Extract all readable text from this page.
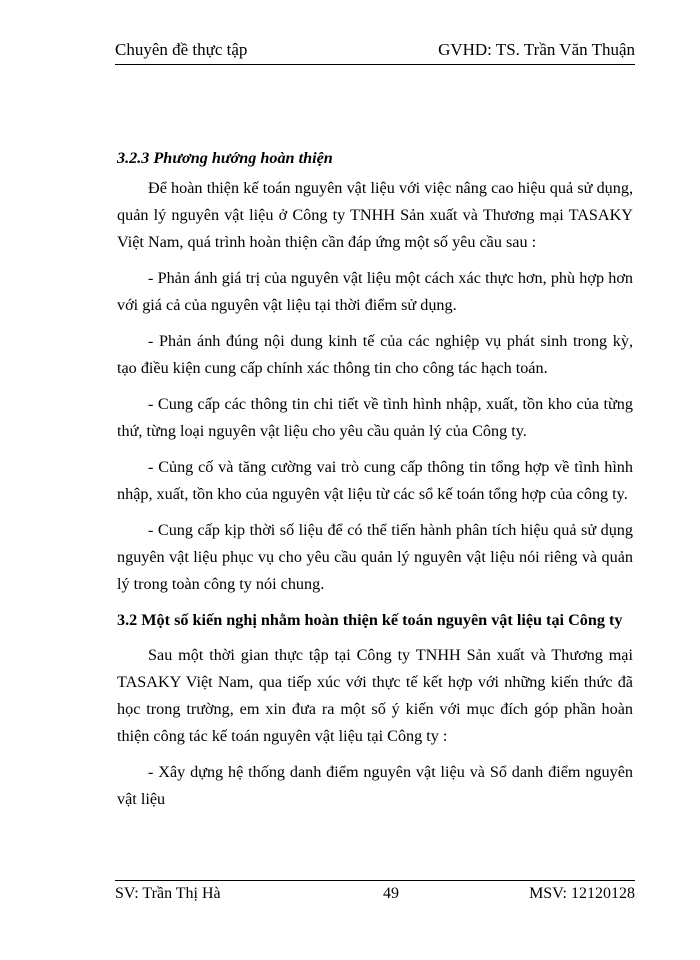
Chuyên đề thực tập	GVHD: TS. Trần Văn Thuận
3.2.3 Phương hướng hoàn thiện

Để hoàn thiện kế toán nguyên vật liệu với việc nâng cao hiệu quả sử dụng, quản lý nguyên vật liệu ở Công ty TNHH Sản xuất và Thương mại TASAKY Việt Nam, quá trình hoàn thiện cần đáp ứng một số yêu cầu sau :

- Phản ánh giá trị của nguyên vật liệu một cách xác thực hơn, phù hợp hơn với giá cả của nguyên vật liệu tại thời điểm sử dụng.

- Phản ánh đúng nội dung kinh tế của các nghiệp vụ phát sinh trong kỳ, tạo điều kiện cung cấp chính xác thông tin cho công tác hạch toán.

- Cung cấp các thông tin chi tiết về tình hình nhập, xuất, tồn kho của từng thứ, từng loại nguyên vật liệu cho yêu cầu quản lý của Công ty.

- Củng cố và tăng cường vai trò cung cấp thông tin tổng hợp về tình hình nhập, xuất, tồn kho của nguyên vật liệu từ các sổ kế toán tổng hợp của công ty.

- Cung cấp kịp thời số liệu để có thể tiến hành phân tích hiệu quả sử dụng nguyên vật liệu phục vụ cho yêu cầu quản lý nguyên vật liệu nói riêng và quản lý trong toàn công ty nói chung.

3.2 Một số kiến nghị nhằm hoàn thiện kế toán nguyên vật liệu tại Công ty

Sau một thời gian thực tập tại Công ty TNHH Sản xuất và Thương mại TASAKY Việt Nam, qua tiếp xúc với thực tế kết hợp với những kiến thức đã học trong trường, em xin đưa ra một số ý kiến với mục đích góp phần hoàn thiện công tác kế toán nguyên vật liệu tại Công ty :

- Xây dựng hệ thống danh điểm nguyên vật liệu và Sổ danh điểm nguyên vật liệu

SV: Trần Thị Hà	49	MSV: 12120128
